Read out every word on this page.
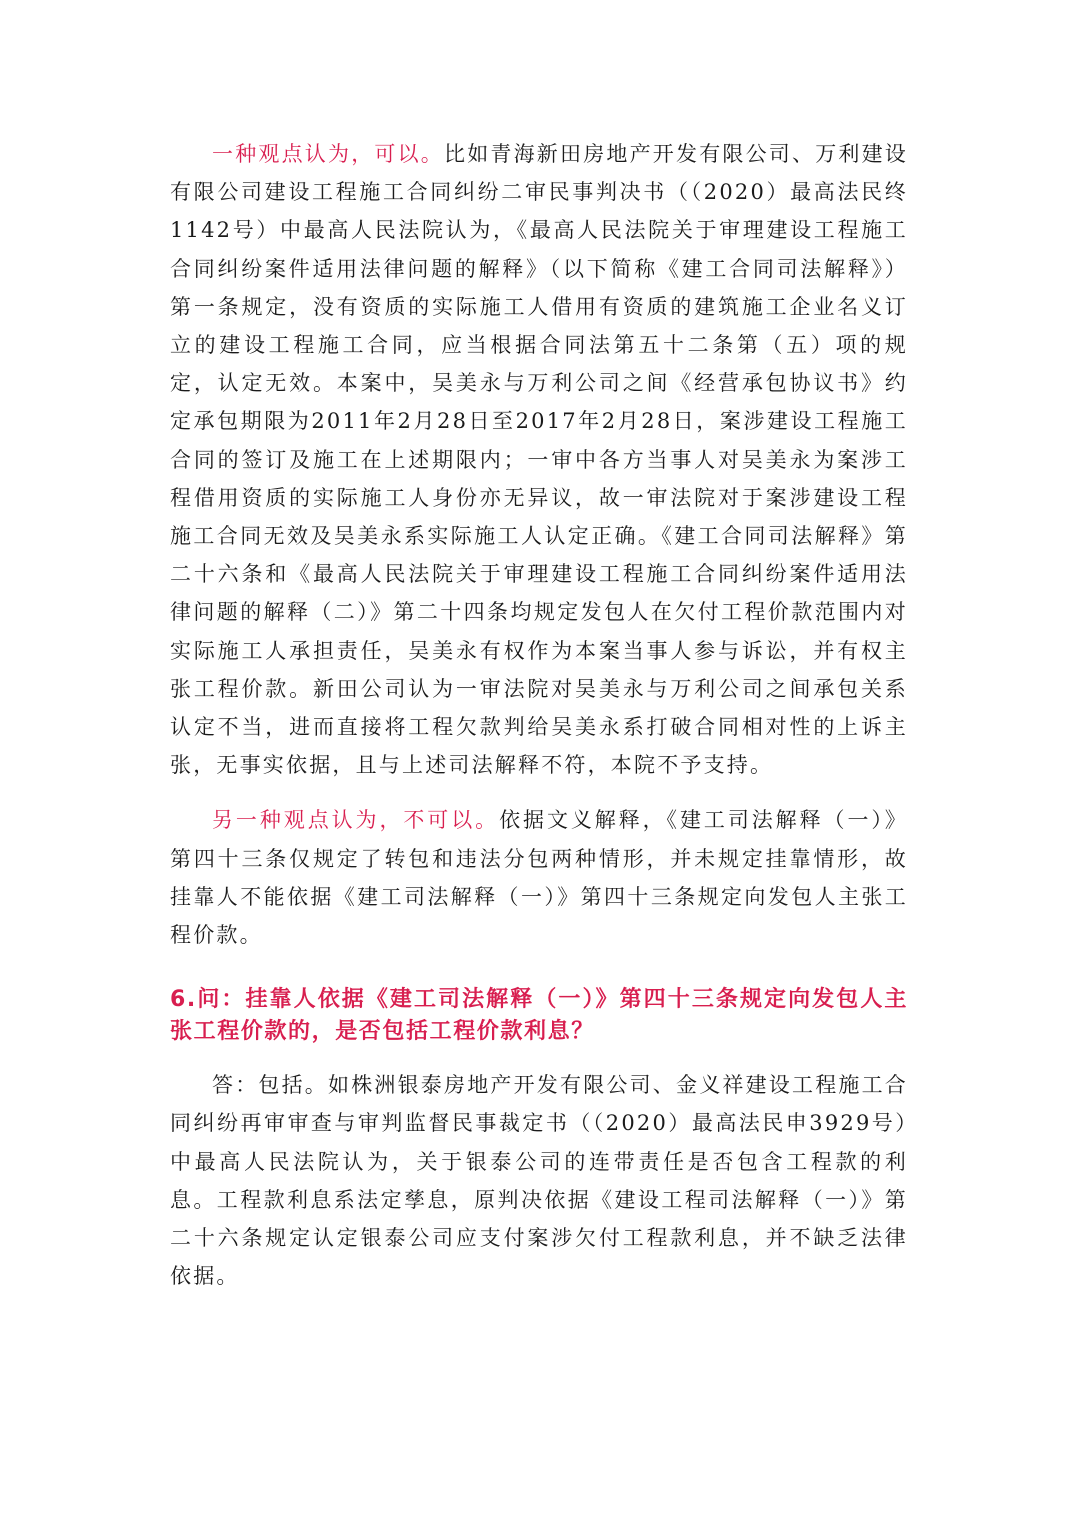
一种观点认为，可以。比如青海新田房地产开发有限公司、万利建设有限公司建设工程施工合同纠纷二审民事判决书（（2020）最高法民终1142号）中最高人民法院认为，《最高人民法院关于审理建设工程施工合同纠纷案件适用法律问题的解释》（以下简称《建工合同司法解释》）第一条规定，没有资质的实际施工人借用有资质的建筑施工企业名义订立的建设工程施工合同，应当根据合同法第五十二条第（五）项的规定，认定无效。本案中，吴美永与万利公司之间《经营承包协议书》约定承包期限为2011年2月28日至2017年2月28日，案涉建设工程施工合同的签订及施工在上述期限内；一审中各方当事人对吴美永为案涉工程借用资质的实际施工人身份亦无异议，故一审法院对于案涉建设工程施工合同无效及吴美永系实际施工人认定正确。《建工合同司法解释》第二十六条和《最高人民法院关于审理建设工程施工合同纠纷案件适用法律问题的解释（二）》第二十四条均规定发包人在欠付工程价款范围内对实际施工人承担责任，吴美永有权作为本案当事人参与诉讼，并有权主张工程价款。新田公司认为一审法院对吴美永与万利公司之间承包关系认定不当，进而直接将工程欠款判给吴美永系打破合同相对性的上诉主张，无事实依据，且与上述司法解释不符，本院不予支持。

另一种观点认为，不可以。依据文义解释，《建工司法解释（一）》第四十三条仅规定了转包和违法分包两种情形，并未规定挂靠情形，故挂靠人不能依据《建工司法解释（一）》第四十三条规定向发包人主张工程价款。

6.问：挂靠人依据《建工司法解释（一）》第四十三条规定向发包人主张工程价款的，是否包括工程价款利息？

答：包括。如株洲银泰房地产开发有限公司、金义祥建设工程施工合同纠纷再审审查与审判监督民事裁定书（（2020）最高法民申3929号）中最高人民法院认为，关于银泰公司的连带责任是否包含工程款的利息。工程款利息系法定孳息，原判决依据《建设工程司法解释（一）》第二十六条规定认定银泰公司应支付案涉欠付工程款利息，并不缺乏法律依据。
